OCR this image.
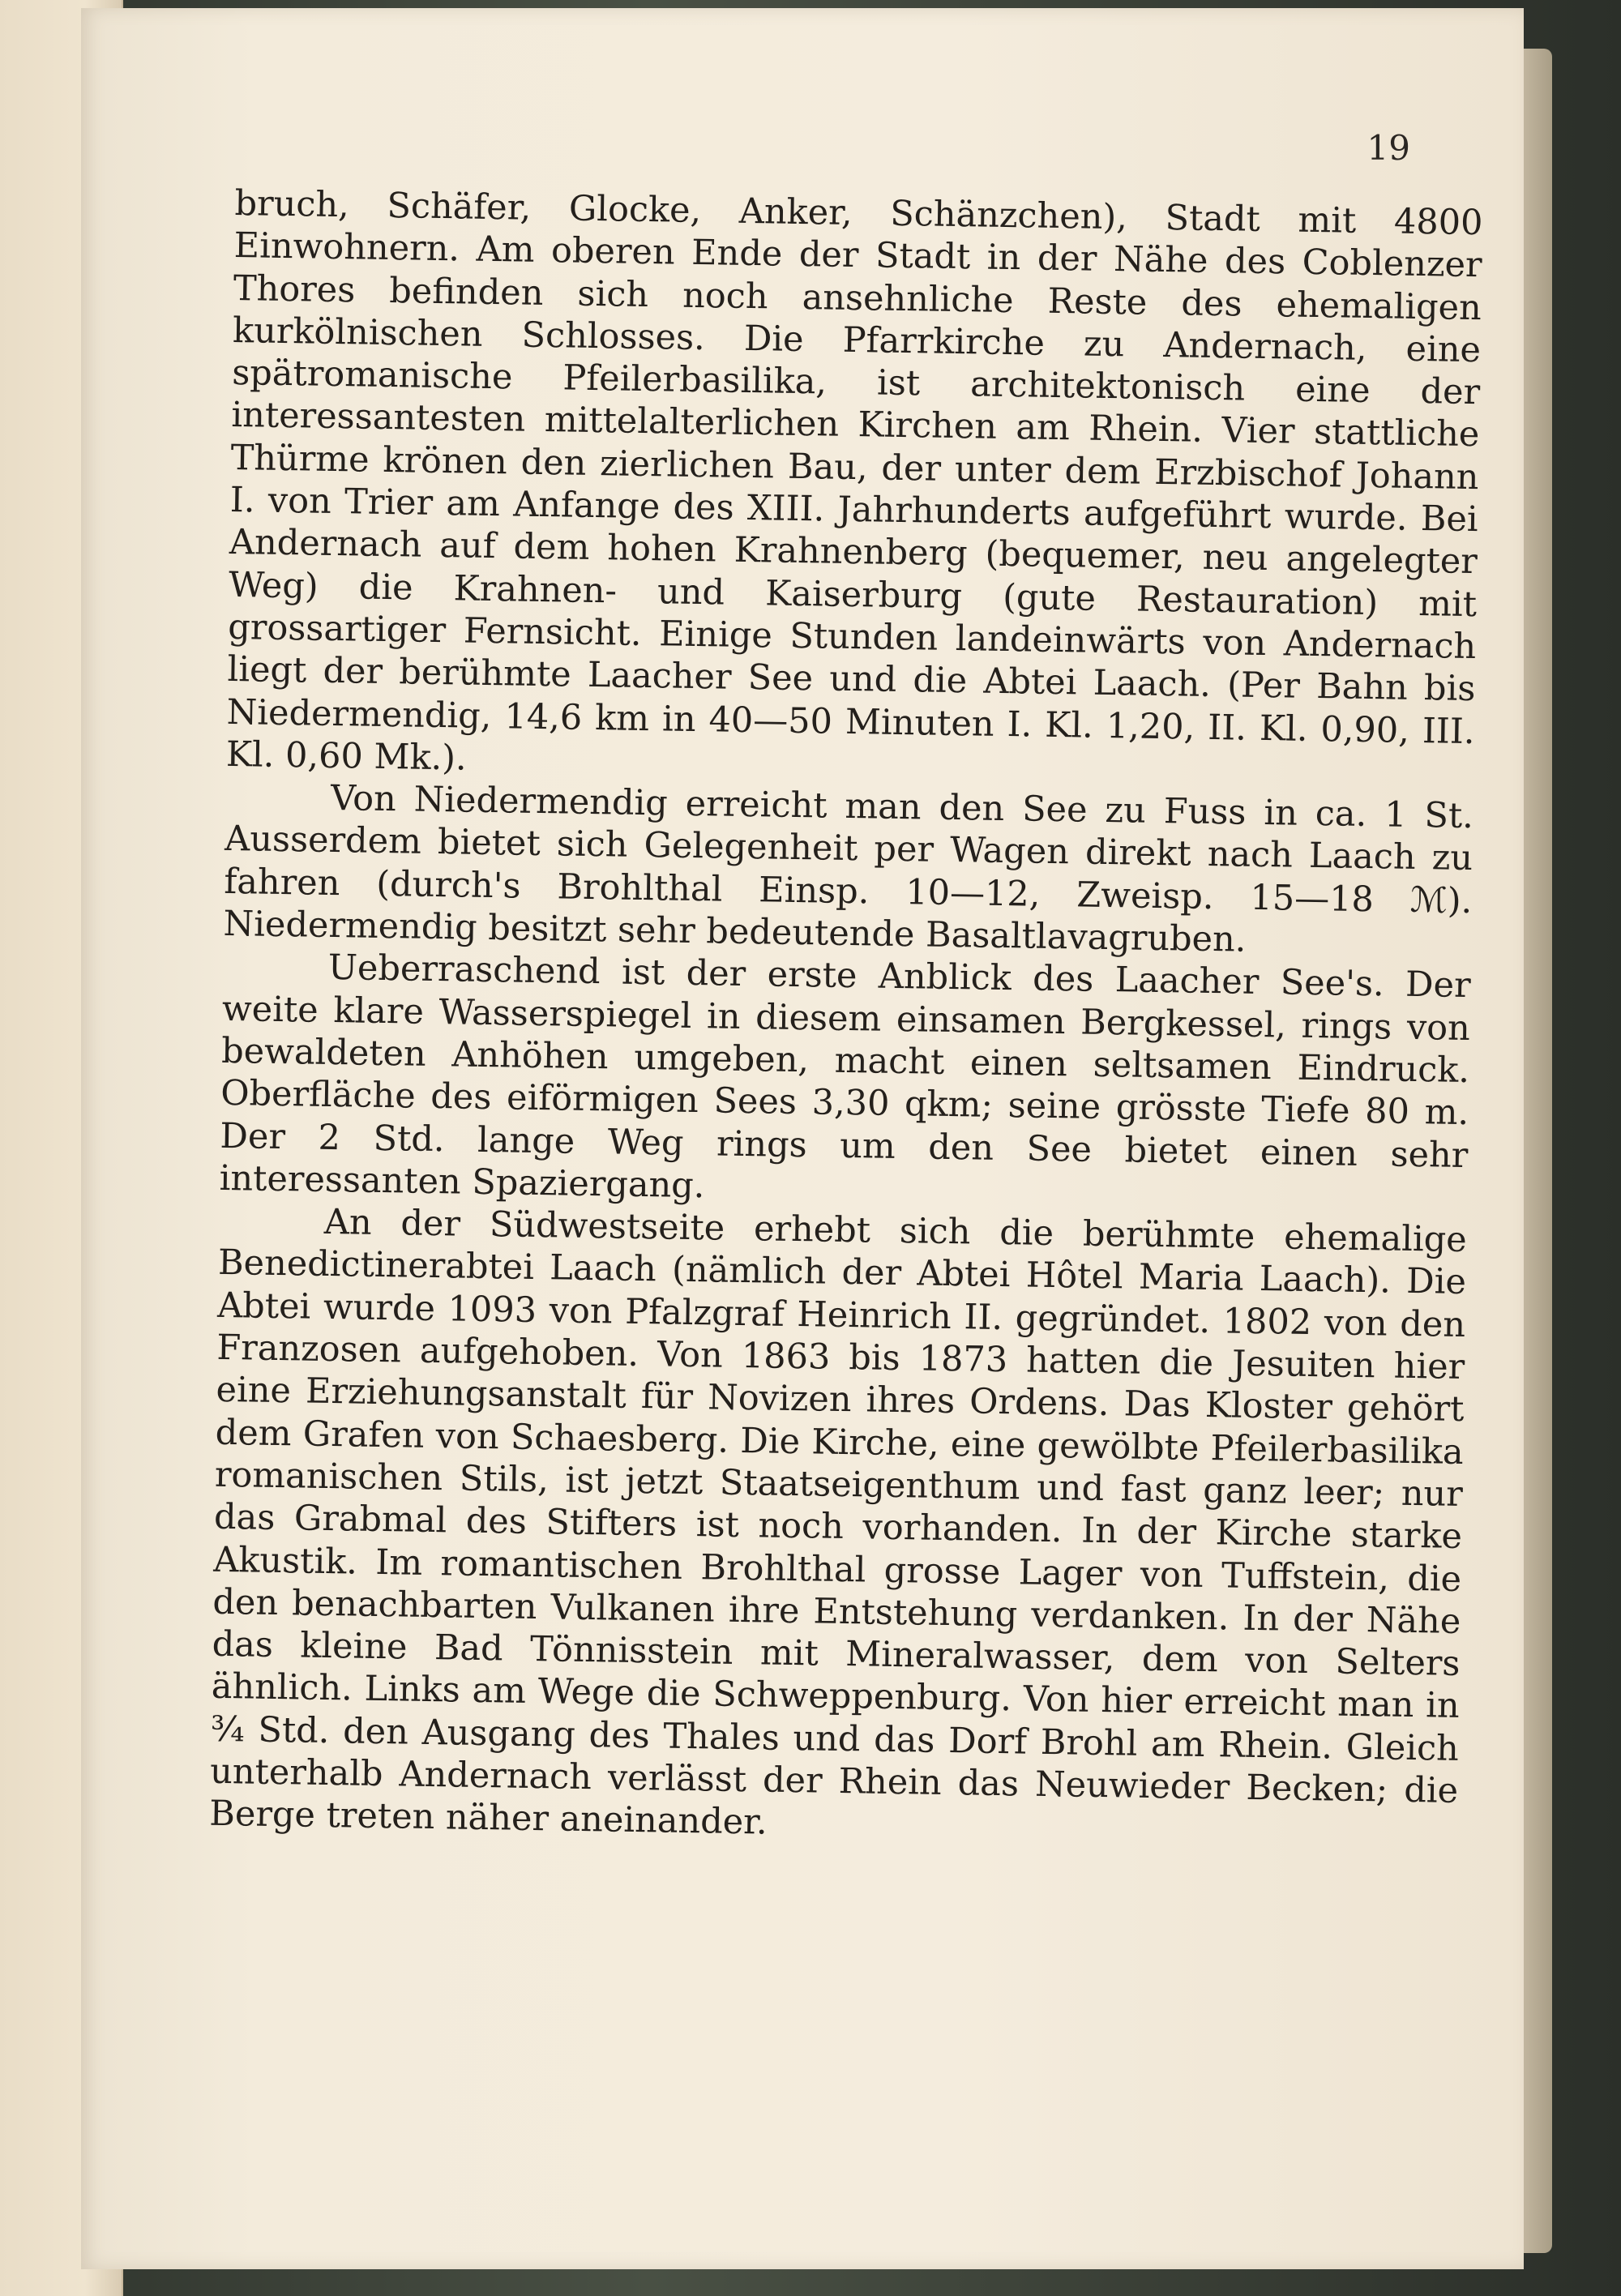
19

bruch, Schäfer, Glocke, Anker, Schänzchen), Stadt mit 4800 Einwohnern. Am oberen Ende der Stadt in der Nähe des Coblenzer Thores befinden sich noch ansehnliche Reste des ehemaligen kurkölnischen Schlosses. Die Pfarrkirche zu Andernach, eine spätromanische Pfeilerbasilika, ist architektonisch eine der interessantesten mittelalterlichen Kirchen am Rhein. Vier stattliche Thürme krönen den zierlichen Bau, der unter dem Erzbischof Johann I. von Trier am Anfange des XIII. Jahrhunderts aufgeführt wurde. Bei Andernach auf dem hohen Krahnenberg (bequemer, neu angelegter Weg) die Krahnen- und Kaiserburg (gute Restauration) mit grossartiger Fernsicht. Einige Stunden landeinwärts von Andernach liegt der berühmte Laacher See und die Abtei Laach. (Per Bahn bis Niedermendig, 14,6 km in 40—50 Minuten I. Kl. 1,20, II. Kl. 0,90, III. Kl. 0,60 Mk.).

Von Niedermendig erreicht man den See zu Fuss in ca. 1 St. Ausserdem bietet sich Gelegenheit per Wagen direkt nach Laach zu fahren (durch's Brohlthal Einsp. 10—12, Zweisp. 15—18 ℳ). Niedermendig besitzt sehr bedeutende Basaltlavagruben.

Ueberraschend ist der erste Anblick des Laacher See's. Der weite klare Wasserspiegel in diesem einsamen Bergkessel, rings von bewaldeten Anhöhen umgeben, macht einen seltsamen Eindruck. Oberfläche des eiförmigen Sees 3,30 qkm; seine grösste Tiefe 80 m. Der 2 Std. lange Weg rings um den See bietet einen sehr interessanten Spaziergang.

An der Südwestseite erhebt sich die berühmte ehemalige Benedictinerabtei Laach (nämlich der Abtei Hôtel Maria Laach). Die Abtei wurde 1093 von Pfalzgraf Heinrich II. gegründet. 1802 von den Franzosen aufgehoben. Von 1863 bis 1873 hatten die Jesuiten hier eine Erziehungsanstalt für Novizen ihres Ordens. Das Kloster gehört dem Grafen von Schaesberg. Die Kirche, eine gewölbte Pfeilerbasilika romanischen Stils, ist jetzt Staatseigenthum und fast ganz leer; nur das Grabmal des Stifters ist noch vorhanden. In der Kirche starke Akustik. Im romantischen Brohlthal grosse Lager von Tuffstein, die den benachbarten Vulkanen ihre Entstehung verdanken. In der Nähe das kleine Bad Tönnisstein mit Mineralwasser, dem von Selters ähnlich. Links am Wege die Schweppenburg. Von hier erreicht man in ¾ Std. den Ausgang des Thales und das Dorf Brohl am Rhein. Gleich unterhalb Andernach verlässt der Rhein das Neuwieder Becken; die Berge treten näher aneinander.
